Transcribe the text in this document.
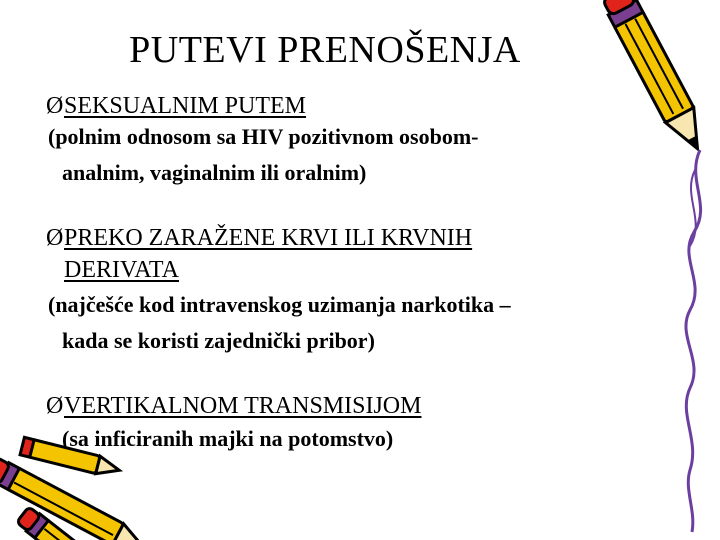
PUTEVI PRENOŠENJA
ØSEKSUALNIM PUTEM
(polnim odnosom sa HIV pozitivnom osobom-
analnim, vaginalnim ili oralnim)
ØPREKO ZARAŽENE KRVI ILI KRVNIH
DERIVATA
(najčešće kod intravenskog uzimanja narkotika –
kada se koristi zajednički pribor)
ØVERTIKALNOM TRANSMISIJOM
(sa inficiranih majki na potomstvo)
